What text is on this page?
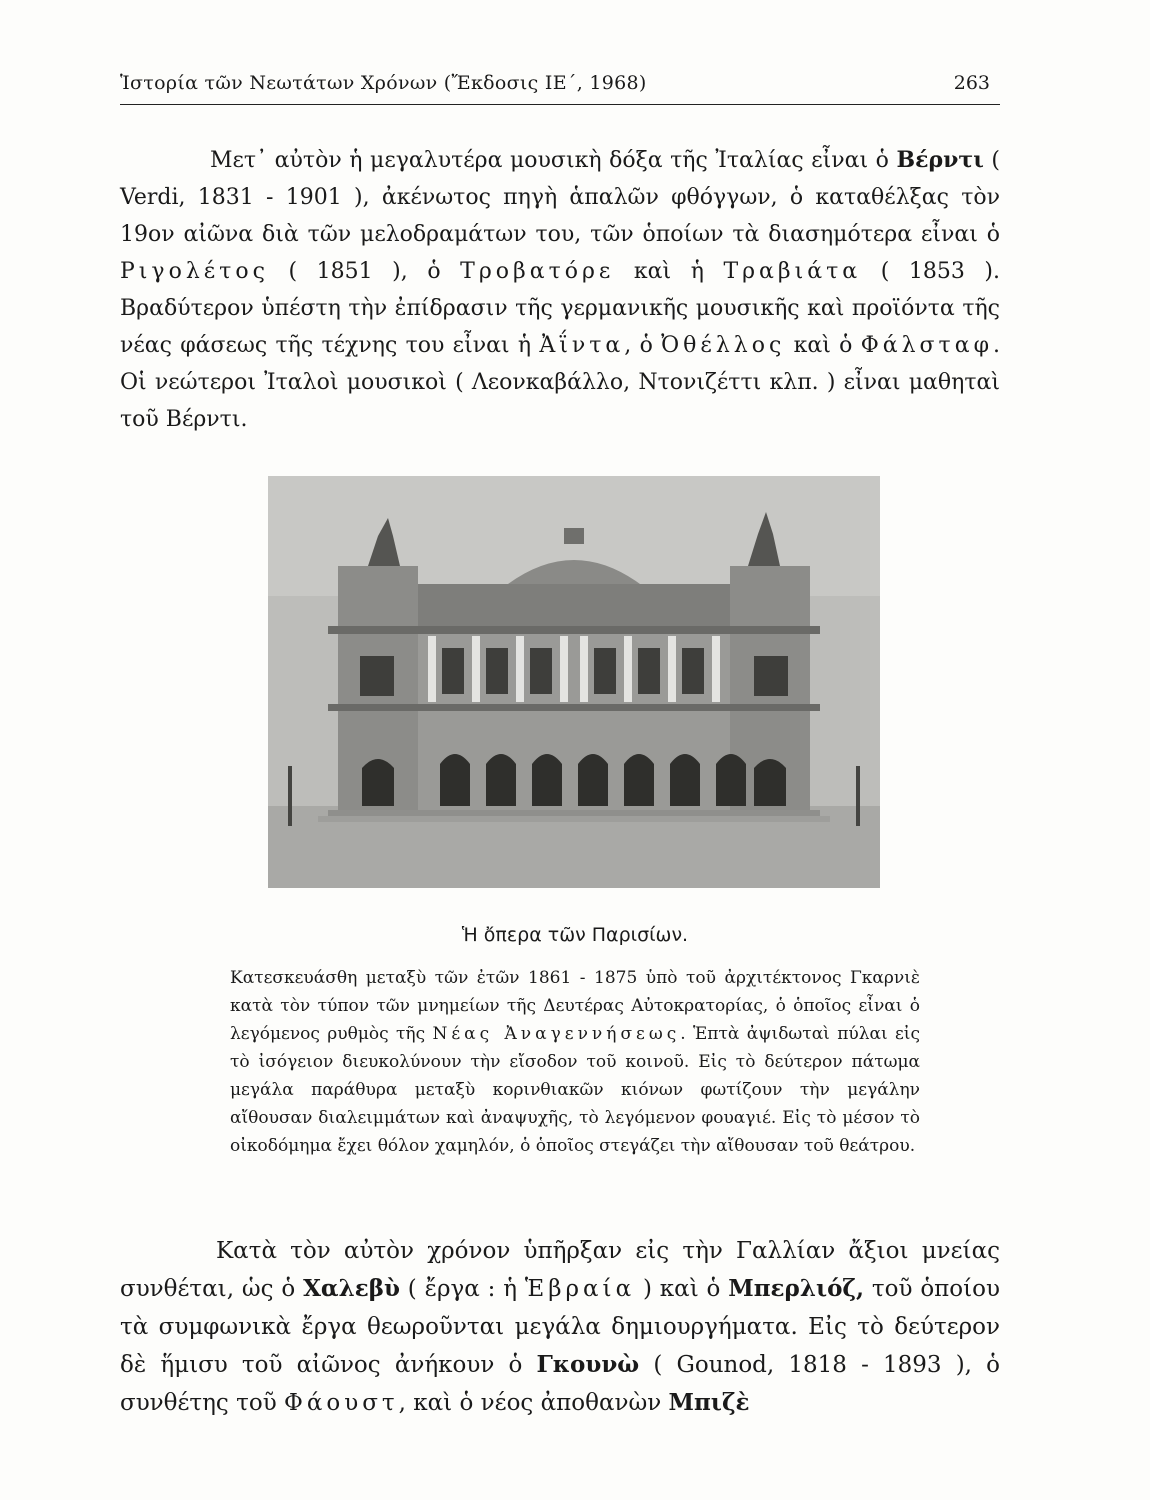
Ἱστορία τῶν Νεωτάτων Χρόνων (Ἔκδοσις ΙΕ΄, 1968)	263

Μετ᾽ αὐτὸν ἡ μεγαλυτέρα μουσικὴ δόξα τῆς Ἰταλίας εἶναι ὁ Βέρντι ( Verdi, 1831 - 1901 ), ἀκένωτος πηγὴ ἁπαλῶν φθόγγων, ὁ καταθέλξας τὸν 19ον αἰῶνα διὰ τῶν μελοδραμάτων του, τῶν ὁποίων τὰ διασημότερα εἶναι ὁ Ριγολέτος ( 1851 ), ὁ Τροβατόρε καὶ ἡ Τραβιάτα ( 1853 ). Βραδύτερον ὑπέστη τὴν ἐπίδρασιν τῆς γερμανικῆς μουσικῆς καὶ προϊόντα τῆς νέας φάσεως τῆς τέχνης του εἶναι ἡ Ἀΐντα, ὁ Ὀθέλλος καὶ ὁ Φάλσταφ. Οἱ νεώτεροι Ἰταλοὶ μουσικοὶ ( Λεονκαβάλλο, Ντονιζέττι κλπ. ) εἶναι μαθηταὶ τοῦ Βέρντι.

Ἡ ὄπερα τῶν Παρισίων.

Κατεσκευάσθη μεταξὺ τῶν ἐτῶν 1861 - 1875 ὑπὸ τοῦ ἀρχιτέκτονος Γκαρνιὲ κατὰ τὸν τύπον τῶν μνημείων τῆς Δευτέρας Αὐτοκρατορίας, ὁ ὁποῖος εἶναι ὁ λεγόμενος ρυθμὸς τῆς Νέας Ἀναγεννήσεως. Ἑπτὰ ἀψιδωταὶ πύλαι εἰς τὸ ἰσόγειον διευκολύνουν τὴν εἴσοδον τοῦ κοινοῦ. Εἰς τὸ δεύτερον πάτωμα μεγάλα παράθυρα μεταξὺ κορινθιακῶν κιόνων φωτίζουν τὴν μεγάλην αἴθουσαν διαλειμμάτων καὶ ἀναψυχῆς, τὸ λεγόμενον φουαγιέ. Εἰς τὸ μέσον τὸ οἰκοδόμημα ἔχει θόλον χαμηλόν, ὁ ὁποῖος στεγάζει τὴν αἴθουσαν τοῦ θεάτρου.

Κατὰ τὸν αὐτὸν χρόνον ὑπῆρξαν εἰς τὴν Γαλλίαν ἄξιοι μνείας συνθέται, ὡς ὁ Χαλεβὺ ( ἔργα : ἡ Ἑβραία ) καὶ ὁ Μπερλιόζ, τοῦ ὁποίου τὰ συμφωνικὰ ἔργα θεωροῦνται μεγάλα δημιουργήματα. Εἰς τὸ δεύτερον δὲ ἥμισυ τοῦ αἰῶνος ἀνήκουν ὁ Γκουνὼ ( Gounod, 1818 - 1893 ), ὁ συνθέτης τοῦ Φάουστ, καὶ ὁ νέος ἀποθανὼν Μπιζὲ
